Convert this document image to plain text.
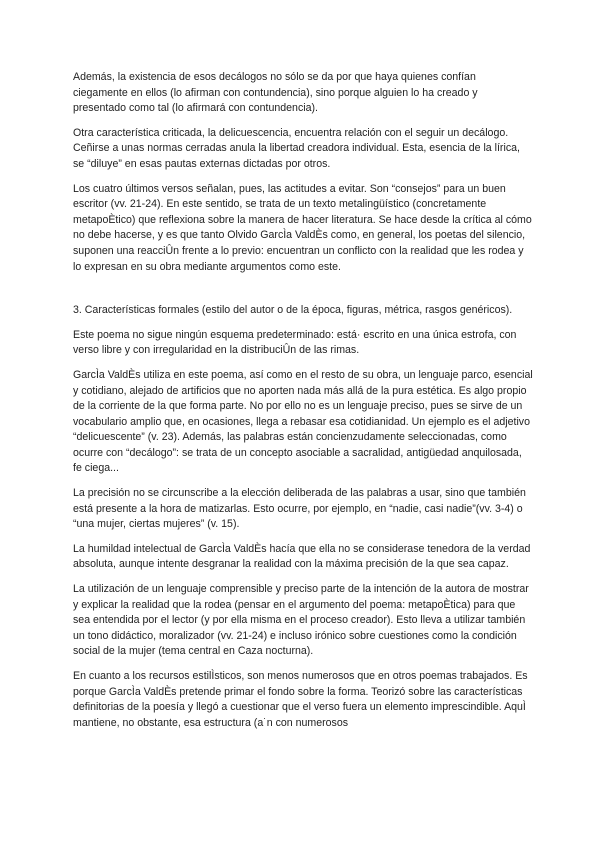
Además, la existencia de esos decálogos no sólo se da por que haya quienes confían ciegamente en ellos (lo afirman con contundencia), sino porque alguien lo ha creado y presentado como tal (lo afirmará con contundencia).

Otra característica criticada, la delicuescencia, encuentra relación con el seguir un decálogo. Ceñirse a unas normas cerradas anula la libertad creadora individual. Esta, esencia de la lírica, se “diluye” en esas pautas externas dictadas por otros.

Los cuatro últimos versos señalan, pues, las actitudes a evitar. Son “consejos” para un buen escritor (vv. 21-24). En este sentido, se trata de un texto metalingüístico (concretamente metapoÈtico) que reflexiona sobre la manera de hacer literatura. Se hace desde la crítica al cómo no debe hacerse, y es que tanto Olvido GarcÌa ValdÈs como, en general, los poetas del silencio, suponen una reacciÛn frente a lo previo: encuentran un conflicto con la realidad que les rodea y lo expresan en su obra mediante argumentos como este.

3. Características formales (estilo del autor o de la época, figuras, métrica, rasgos genéricos).

Este poema no sigue ningún esquema predeterminado: está· escrito en una única estrofa, con verso libre y con irregularidad en la distribuciÛn de las rimas.

GarcÌa ValdÈs utiliza en este poema, así como en el resto de su obra, un lenguaje parco, esencial y cotidiano, alejado de artificios que no aporten nada más allá de la pura estética. Es algo propio de la corriente de la que forma parte. No por ello no es un lenguaje preciso, pues se sirve de un vocabulario amplio que, en ocasiones, llega a rebasar esa cotidianidad. Un ejemplo es el adjetivo “delicuescente” (v. 23). Además, las palabras están concienzudamente seleccionadas, como ocurre con “decálogo”: se trata de un concepto asociable a sacralidad, antigüedad anquilosada, fe ciega...

La precisión no se circunscribe a la elección deliberada de las palabras a usar, sino que también está presente a la hora de matizarlas. Esto ocurre, por ejemplo, en “nadie, casi nadie”(vv. 3-4) o “una mujer, ciertas mujeres” (v. 15).

La humildad intelectual de GarcÌa ValdÈs hacía que ella no se considerase tenedora de la verdad absoluta, aunque intente desgranar la realidad con la máxima precisión de la que sea capaz.

La utilización de un lenguaje comprensible y preciso parte de la intención de la autora de mostrar y explicar la realidad que la rodea (pensar en el argumento del poema: metapoÈtica) para que sea entendida por el lector (y por ella misma en el proceso creador). Esto lleva a utilizar también un tono didáctico, moralizador (vv. 21-24) e incluso irónico sobre cuestiones como la condición social de la mujer (tema central en Caza nocturna).

En cuanto a los recursos estilÌsticos, son menos numerosos que en otros poemas trabajados. Es porque GarcÌa ValdÈs pretende primar el fondo sobre la forma. Teorizó sobre las características definitorias de la poesía y llegó a cuestionar que el verso fuera un elemento imprescindible. AquÌ mantiene, no obstante, esa estructura (a˙n con numerosos
